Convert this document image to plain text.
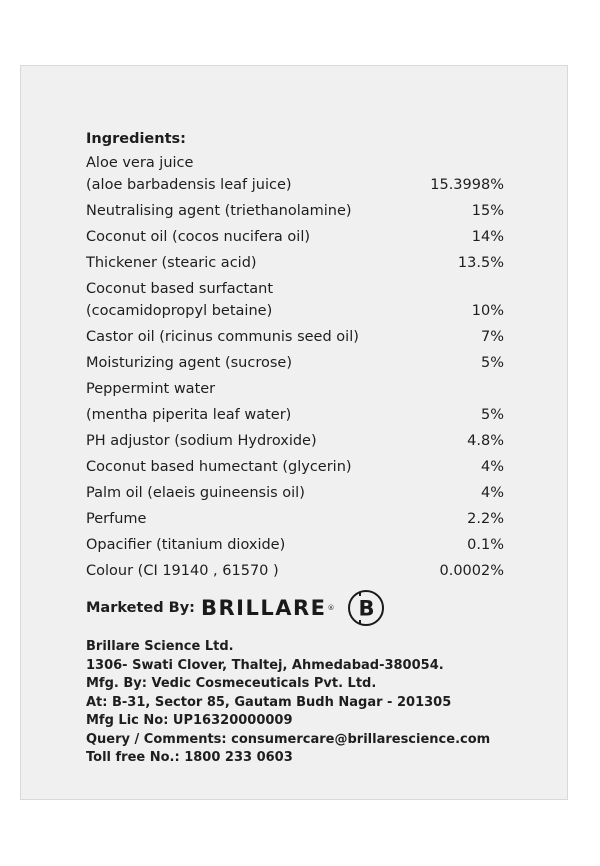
Ingredients:
Aloe vera juice
(aloe barbadensis leaf juice)	15.3998%
Neutralising agent (triethanolamine)	15%
Coconut oil (cocos nucifera oil)	14%
Thickener (stearic acid)	13.5%
Coconut based surfactant
(cocamidopropyl betaine)	10%
Castor oil (ricinus communis seed oil)	7%
Moisturizing agent (sucrose)	5%
Peppermint water
(mentha piperita leaf water)	5%
PH adjustor (sodium Hydroxide)	4.8%
Coconut based humectant (glycerin)	4%
Palm oil (elaeis guineensis oil)	4%
Perfume	2.2%
Opacifier (titanium dioxide)	0.1%
Colour (CI 19140 , 61570 )	0.0002%
Marketed By: BRILLARE ® B
Brillare Science Ltd.
1306- Swati Clover, Thaltej, Ahmedabad-380054.
Mfg. By: Vedic Cosmeceuticals Pvt. Ltd.
At: B-31, Sector 85, Gautam Budh Nagar - 201305
Mfg Lic No: UP16320000009
Query / Comments: consumercare@brillarescience.com
Toll free No.: 1800 233 0603
